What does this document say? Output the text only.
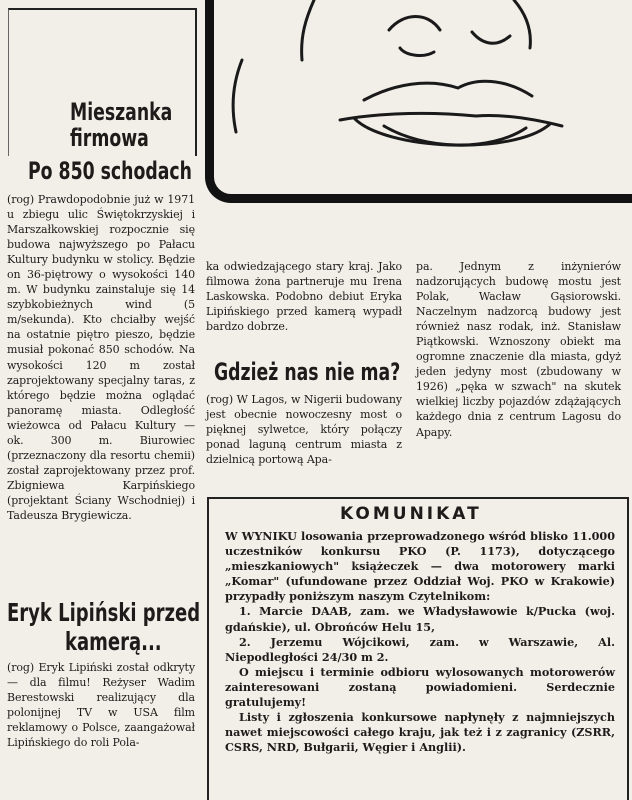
Mieszanka
firmowa
Po 850 schodach

(rog) Prawdopodobnie już w 1971 u zbiegu ulic Świętokrzyskiej i Marszałkowskiej rozpocznie się budowa najwyższego po Pałacu Kultury budynku w stolicy. Będzie on 36-piętrowy o wysokości 140 m. W budynku zainstaluje się 14 szybkobieżnych wind (5 m/sekunda). Kto chciałby wejść na ostatnie piętro pieszo, będzie musiał pokonać 850 schodów. Na wysokości 120 m został zaprojektowany specjalny taras, z którego będzie można oglądać panoramę miasta. Odległość wieżowca od Pałacu Kultury — ok. 300 m. Biurowiec (przeznaczony dla resortu chemii) został zaprojektowany przez prof. Zbigniewa Karpińskiego (projektant Ściany Wschodniej) i Tadeusza Brygiewicza.

Eryk Lipiński przed
kamerą...

(rog) Eryk Lipiński został odkryty — dla filmu! Reżyser Wadim Berestowski realizujący dla polonijnej TV w USA film reklamowy o Polsce, zaangażował Lipińskiego do roli Pola-

ka odwiedzającego stary kraj. Jako filmowa żona partneruje mu Irena Laskowska. Podobno debiut Eryka Lipińskiego przed kamerą wypadł bardzo dobrze.

Gdzież nas nie ma?

(rog) W Lagos, w Nigerii budowany jest obecnie nowoczesny most o pięknej sylwetce, który połączy ponad laguną centrum miasta z dzielnicą portową Apa-

pa. Jednym z inżynierów nadzorujących budowę mostu jest Polak, Wacław Gąsiorowski. Naczelnym nadzorcą budowy jest również nasz rodak, inż. Stanisław Piątkowski. Wznoszony obiekt ma ogromne znaczenie dla miasta, gdyż jeden jedyny most (zbudowany w 1926) „pęka w szwach" na skutek wielkiej liczby pojazdów zdążających każdego dnia z centrum Lagosu do Apapy.

KOMUNIKAT

W WYNIKU losowania przeprowadzonego wśród blisko 11.000 uczestników konkursu PKO (P. 1173), dotyczącego „mieszkaniowych" książeczek — dwa motorowery marki „Komar" (ufundowane przez Oddział Woj. PKO w Krakowie) przypadły poniższym naszym Czytelnikom:

1. Marcie DAAB, zam. we Władysławowie k/Pucka (woj. gdańskie), ul. Obrońców Helu 15,

2. Jerzemu Wójcikowi, zam. w Warszawie, Al. Niepodległości 24/30 m 2.

O miejscu i terminie odbioru wylosowanych motorowerów zainteresowani zostaną powiadomieni. Serdecznie gratulujemy!

Listy i zgłoszenia konkursowe napłynęły z najmniejszych nawet miejscowości całego kraju, jak też i z zagranicy (ZSRR, CSRS, NRD, Bułgarii, Węgier i Anglii).
